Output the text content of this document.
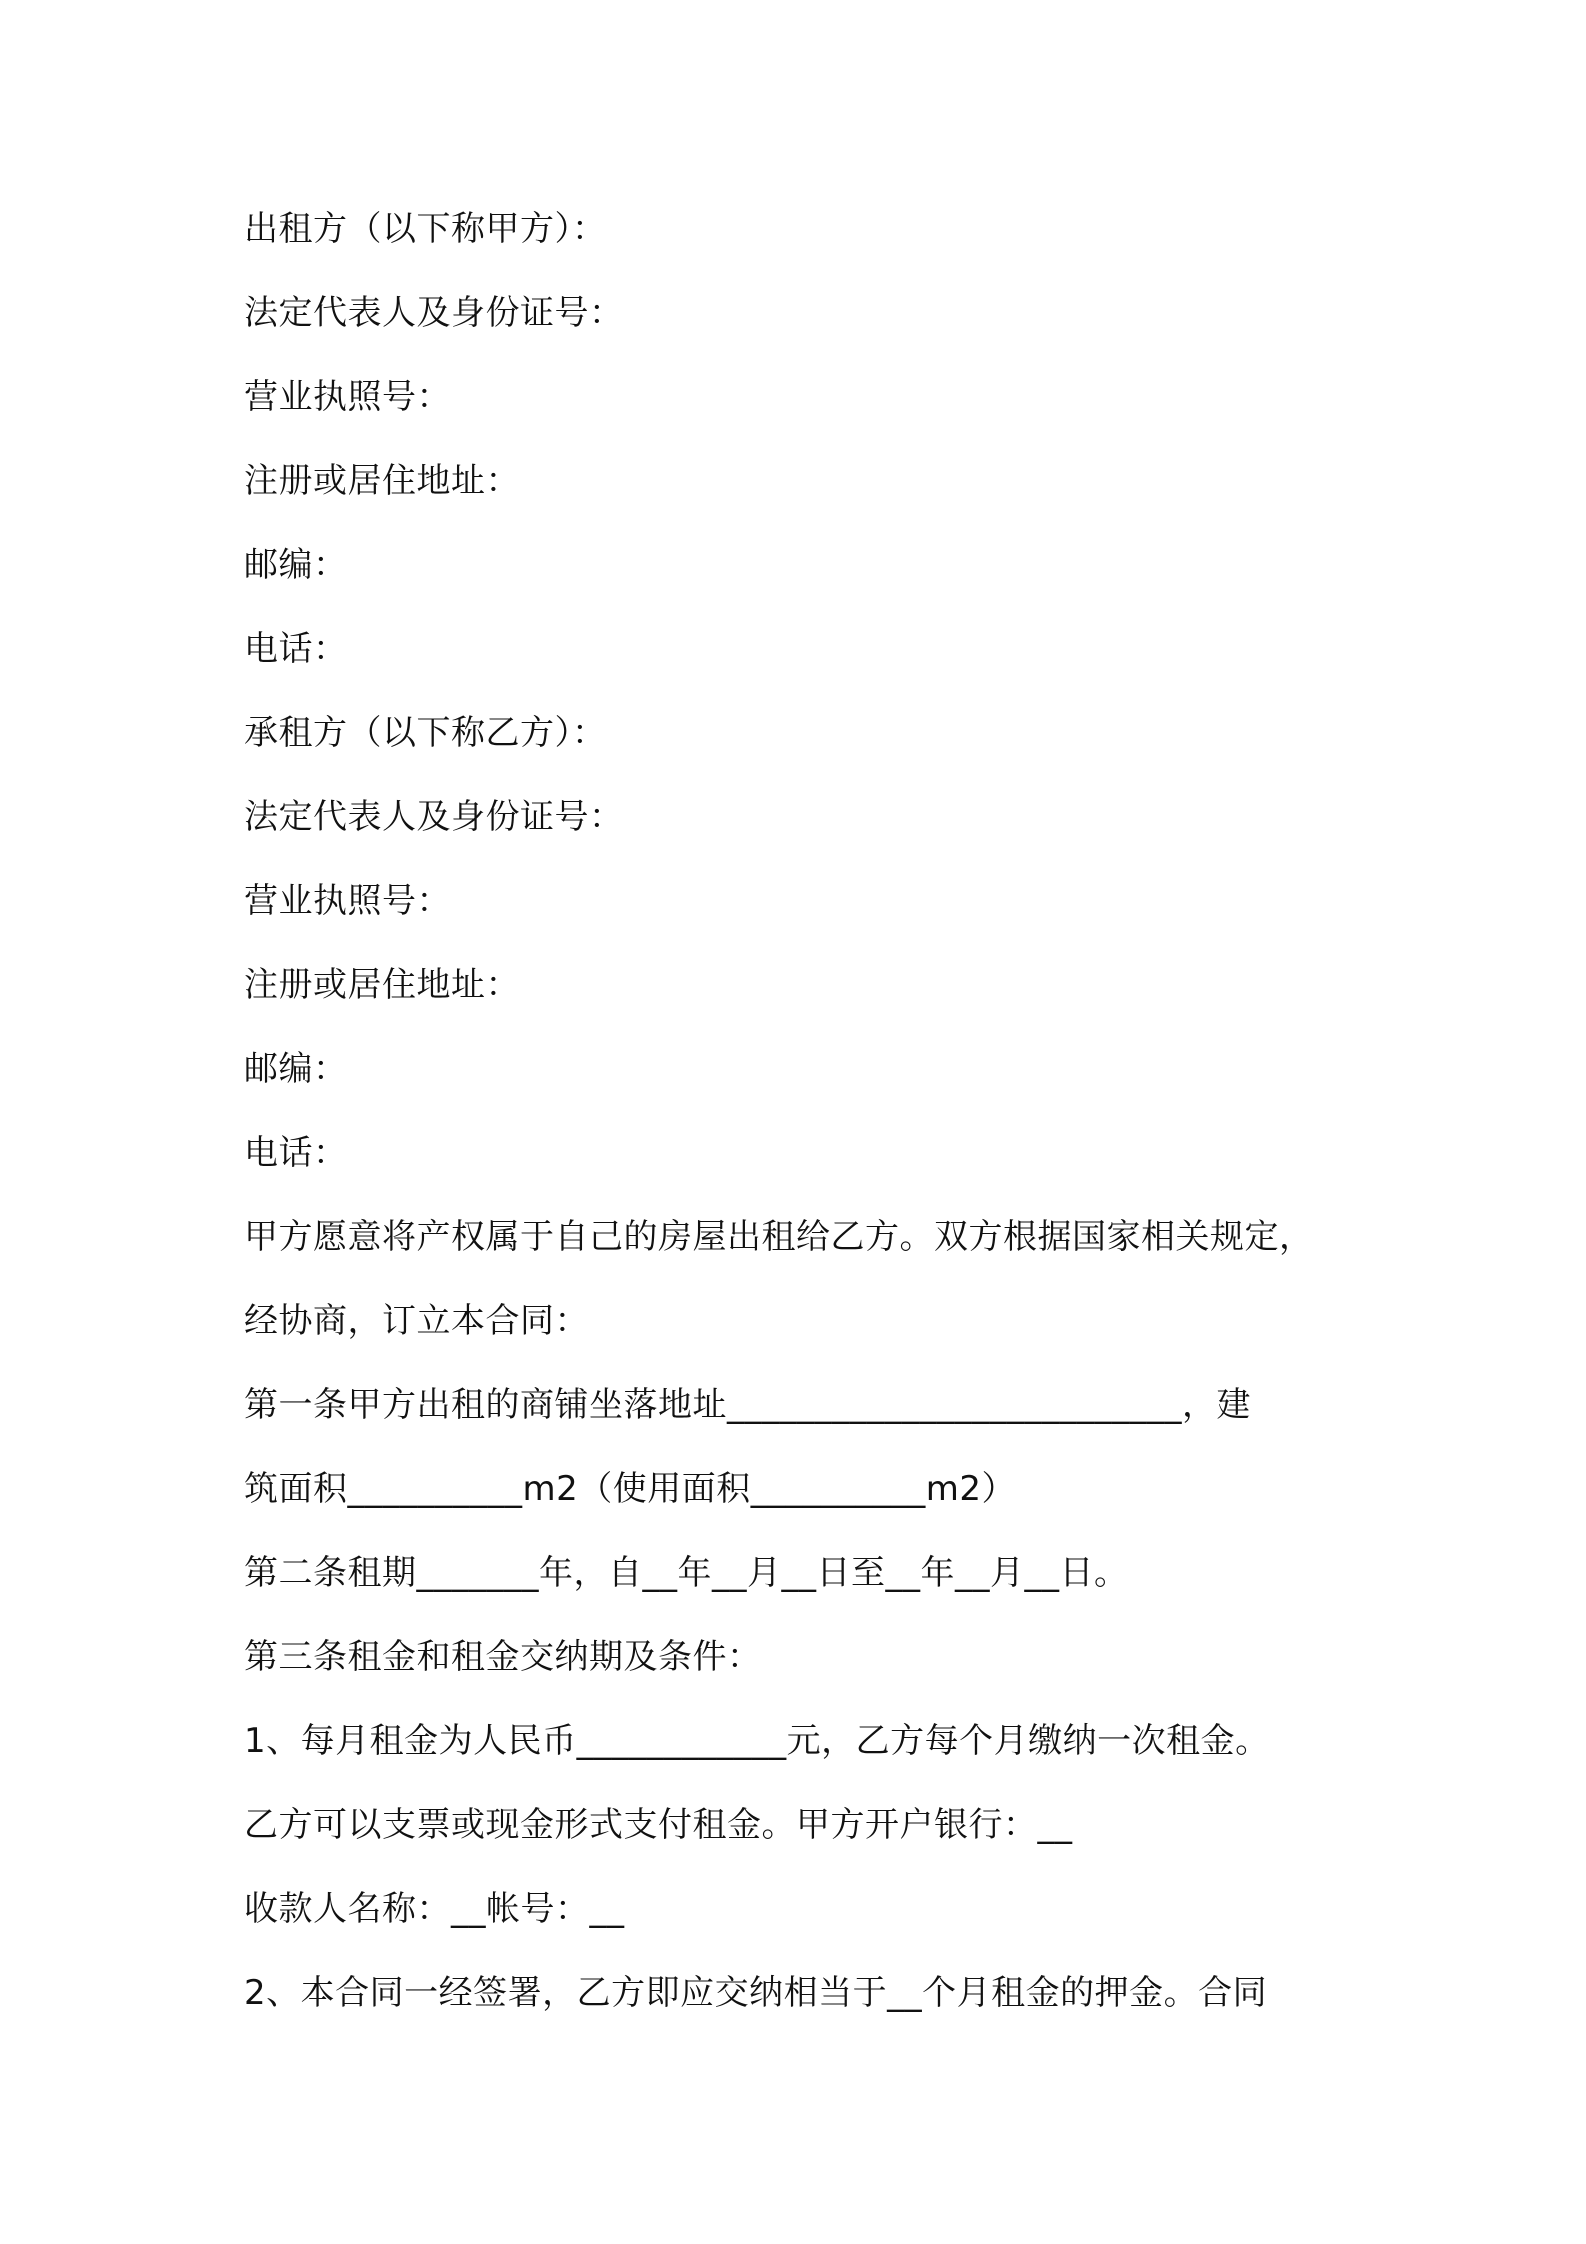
出租方（以下称甲方）：
法定代表人及身份证号：
营业执照号：
注册或居住地址：
邮编：
电话：
承租方（以下称乙方）：
法定代表人及身份证号：
营业执照号：
注册或居住地址：
邮编：
电话：
甲方愿意将产权属于自己的房屋出租给乙方。双方根据国家相关规定，
经协商，订立本合同：
第一条甲方出租的商铺坐落地址__________________________，建
筑面积__________m2（使用面积__________m2）
第二条租期_______年，自__年__月__日至__年__月__日。
第三条租金和租金交纳期及条件：
1、每月租金为人民币____________元，乙方每个月缴纳一次租金。
乙方可以支票或现金形式支付租金。甲方开户银行：__
收款人名称：__帐号：__
2、本合同一经签署，乙方即应交纳相当于__个月租金的押金。合同
